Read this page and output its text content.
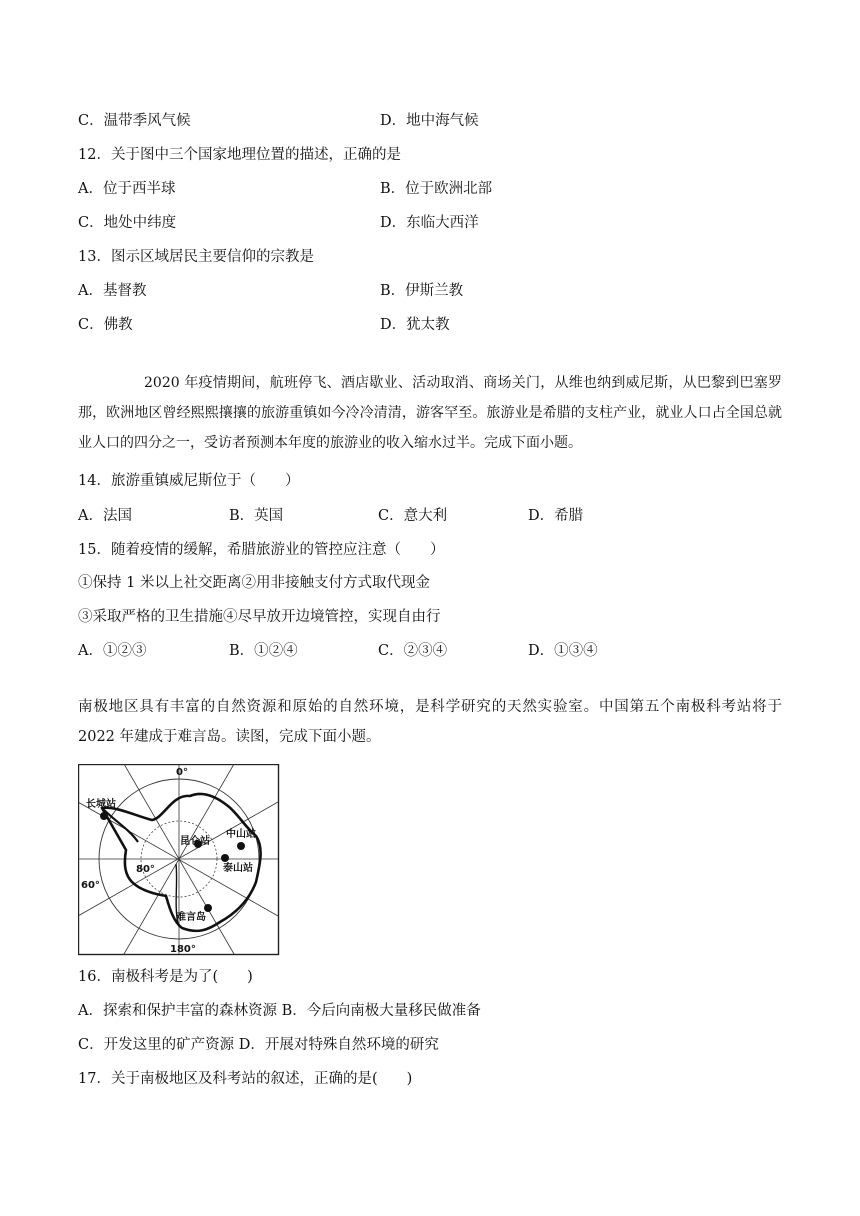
C．温带季风气候	D．地中海气候
12．关于图中三个国家地理位置的描述，正确的是
A．位于西半球	B．位于欧洲北部
C．地处中纬度	D．东临大西洋
13．图示区域居民主要信仰的宗教是
A．基督教	B．伊斯兰教
C．佛教	D．犹太教

2020 年疫情期间，航班停飞、酒店歇业、活动取消、商场关门，从维也纳到威尼斯，从巴黎到巴塞罗那，欧洲地区曾经熙熙攘攘的旅游重镇如今冷冷清清，游客罕至。旅游业是希腊的支柱产业，就业人口占全国总就业人口的四分之一，受访者预测本年度的旅游业的收入缩水过半。完成下面小题。

14．旅游重镇威尼斯位于（　　）
A．法国	B．英国	C．意大利	D．希腊
15．随着疫情的缓解，希腊旅游业的管控应注意（　　）
①保持 1 米以上社交距离②用非接触支付方式取代现金
③采取严格的卫生措施④尽早放开边境管控，实现自由行
A．①②③	B．①②④	C．②③④	D．①③④

南极地区具有丰富的自然资源和原始的自然环境，是科学研究的天然实验室。中国第五个南极科考站将于 2022 年建成于难言岛。读图，完成下面小题。

0°
180°
80°
60°
长城站
昆仑站
中山站
泰山站
难言岛
16．南极科考是为了(　　)
A．探索和保护丰富的森林资源 B．今后向南极大量移民做准备
C．开发这里的矿产资源 D．开展对特殊自然环境的研究
17．关于南极地区及科考站的叙述，正确的是(　　)
